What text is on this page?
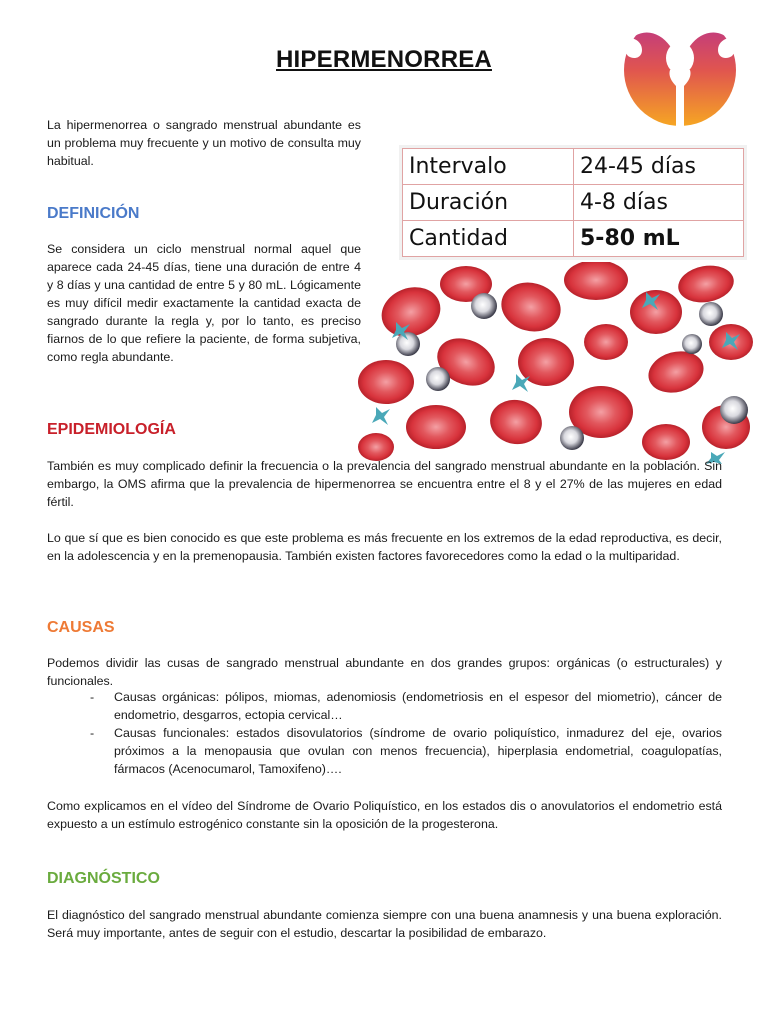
HIPERMENORREA

La hipermenorrea o sangrado menstrual abundante es un problema muy frecuente y un motivo de consulta muy habitual.	Intervalo	24-45 días
Duración	4-8 días
Cantidad	5-80 mL
DEFINICIÓN

Se considera un ciclo menstrual normal aquel que aparece cada 24-45 días, tiene una duración de entre 4 y 8 días y una cantidad de entre 5 y 80 mL. Lógicamente es muy difícil medir exactamente la cantidad exacta de sangrado durante la regla y, por lo tanto, es preciso fiarnos de lo que refiere la paciente, de forma subjetiva, como regla abundante.

EPIDEMIOLOGÍA

También es muy complicado definir la frecuencia o la prevalencia del sangrado menstrual abundante en la población. Sin embargo, la OMS afirma que la prevalencia de hipermenorrea se encuentra entre el 8 y el 27% de las mujeres en edad fértil.

Lo que sí que es bien conocido es que este problema es más frecuente en los extremos de la edad reproductiva, es decir, en la adolescencia y en la premenopausia. También existen factores favorecedores como la edad o la multiparidad.

CAUSAS

Podemos dividir las cusas de sangrado menstrual abundante en dos grandes grupos: orgánicas (o estructurales) y funcionales.

- Causas orgánicas: pólipos, miomas, adenomiosis (endometriosis en el espesor del miometrio), cáncer de endometrio, desgarros, ectopia cervical…
- Causas funcionales: estados disovulatorios (síndrome de ovario poliquístico, inmadurez del eje, ovarios próximos a la menopausia que ovulan con menos frecuencia), hiperplasia endometrial, coagulopatías, fármacos (Acenocumarol, Tamoxifeno)….

Como explicamos en el vídeo del Síndrome de Ovario Poliquístico, en los estados dis o anovulatorios el endometrio está expuesto a un estímulo estrogénico constante sin la oposición de la progesterona.

DIAGNÓSTICO

El diagnóstico del sangrado menstrual abundante comienza siempre con una buena anamnesis y una buena exploración. Será muy importante, antes de seguir con el estudio, descartar la posibilidad de embarazo.
